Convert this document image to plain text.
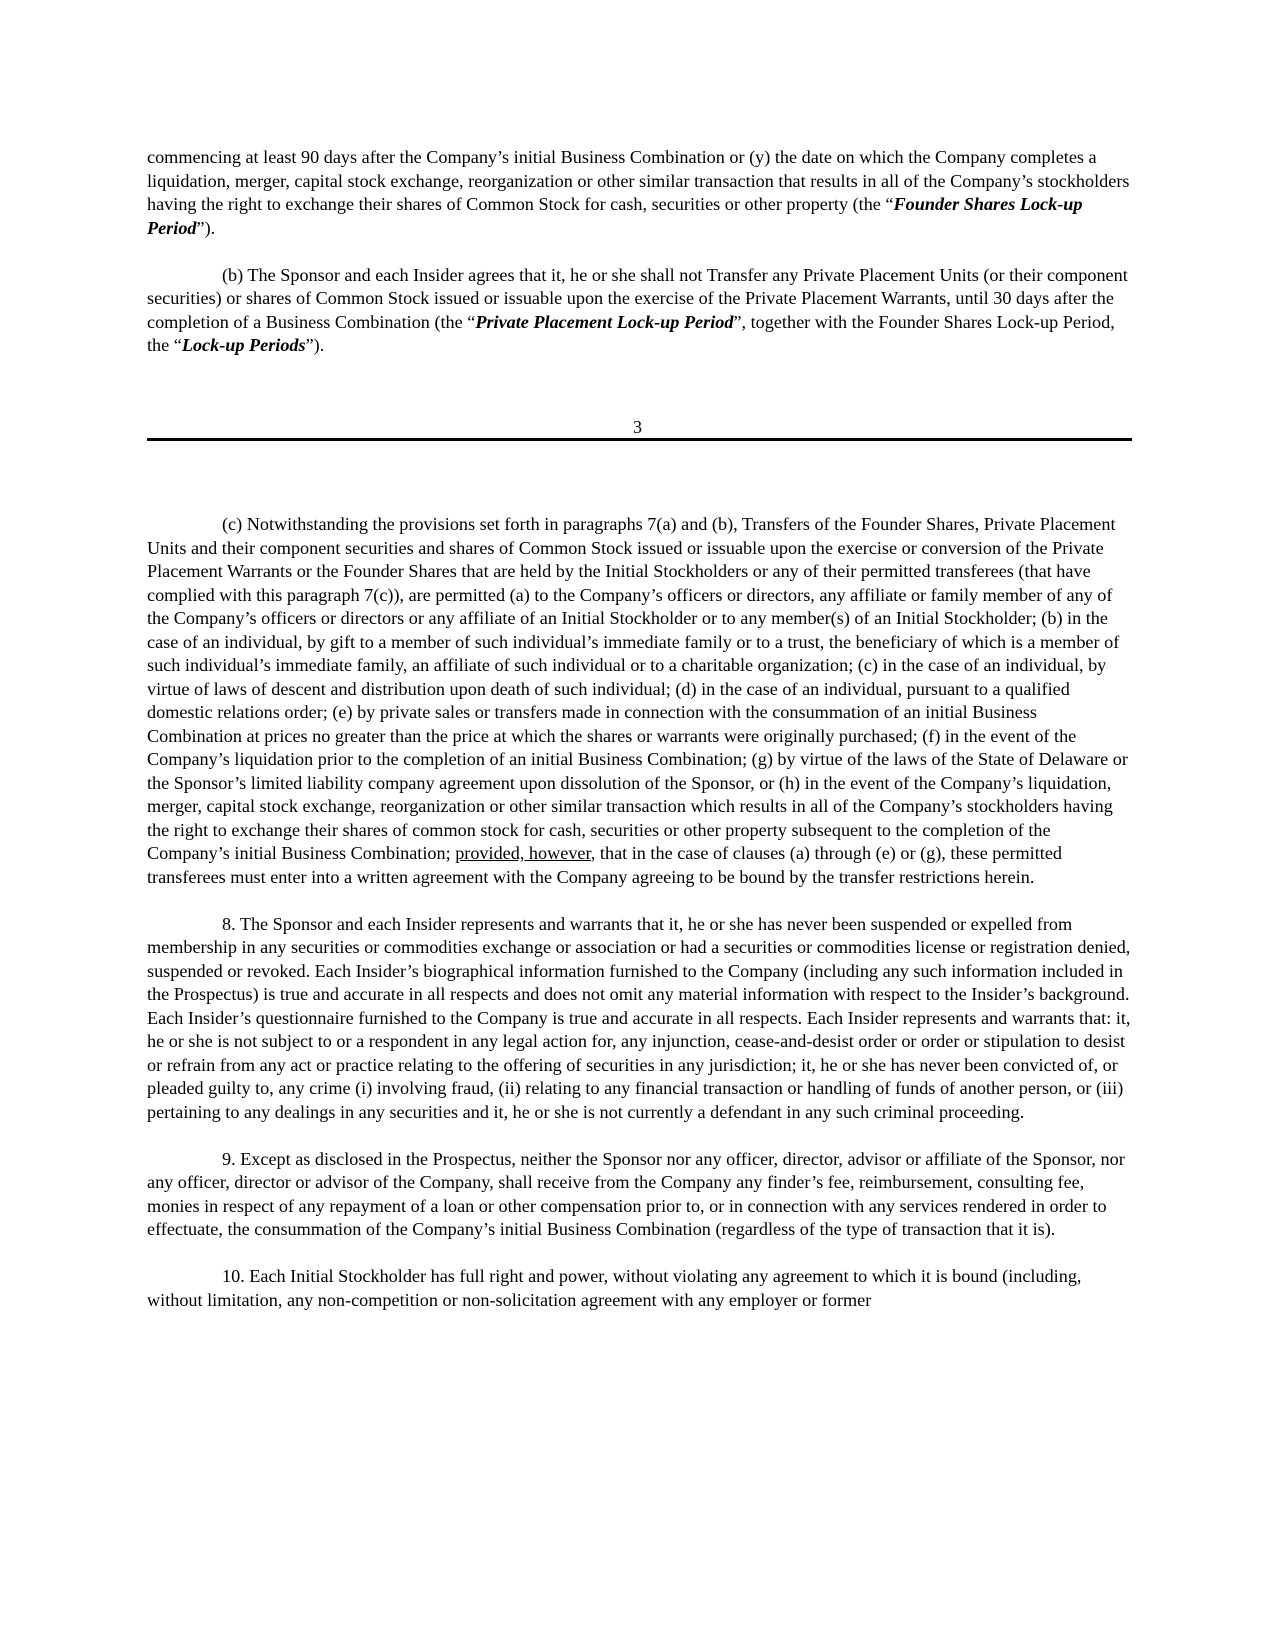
commencing at least 90 days after the Company’s initial Business Combination or (y) the date on which the Company completes a liquidation, merger, capital stock exchange, reorganization or other similar transaction that results in all of the Company’s stockholders having the right to exchange their shares of Common Stock for cash, securities or other property (the “Founder Shares Lock-up Period”).

(b) The Sponsor and each Insider agrees that it, he or she shall not Transfer any Private Placement Units (or their component securities) or shares of Common Stock issued or issuable upon the exercise of the Private Placement Warrants, until 30 days after the completion of a Business Combination (the “Private Placement Lock-up Period”, together with the Founder Shares Lock-up Period, the “Lock-up Periods”).

3

(c) Notwithstanding the provisions set forth in paragraphs 7(a) and (b), Transfers of the Founder Shares, Private Placement Units and their component securities and shares of Common Stock issued or issuable upon the exercise or conversion of the Private Placement Warrants or the Founder Shares that are held by the Initial Stockholders or any of their permitted transferees (that have complied with this paragraph 7(c)), are permitted (a) to the Company’s officers or directors, any affiliate or family member of any of the Company’s officers or directors or any affiliate of an Initial Stockholder or to any member(s) of an Initial Stockholder; (b) in the case of an individual, by gift to a member of such individual’s immediate family or to a trust, the beneficiary of which is a member of such individual’s immediate family, an affiliate of such individual or to a charitable organization; (c) in the case of an individual, by virtue of laws of descent and distribution upon death of such individual; (d) in the case of an individual, pursuant to a qualified domestic relations order; (e) by private sales or transfers made in connection with the consummation of an initial Business Combination at prices no greater than the price at which the shares or warrants were originally purchased; (f) in the event of the Company’s liquidation prior to the completion of an initial Business Combination; (g) by virtue of the laws of the State of Delaware or the Sponsor’s limited liability company agreement upon dissolution of the Sponsor, or (h) in the event of the Company’s liquidation, merger, capital stock exchange, reorganization or other similar transaction which results in all of the Company’s stockholders having the right to exchange their shares of common stock for cash, securities or other property subsequent to the completion of the Company’s initial Business Combination; provided, however, that in the case of clauses (a) through (e) or (g), these permitted transferees must enter into a written agreement with the Company agreeing to be bound by the transfer restrictions herein.

8. The Sponsor and each Insider represents and warrants that it, he or she has never been suspended or expelled from membership in any securities or commodities exchange or association or had a securities or commodities license or registration denied, suspended or revoked. Each Insider’s biographical information furnished to the Company (including any such information included in the Prospectus) is true and accurate in all respects and does not omit any material information with respect to the Insider’s background. Each Insider’s questionnaire furnished to the Company is true and accurate in all respects. Each Insider represents and warrants that: it, he or she is not subject to or a respondent in any legal action for, any injunction, cease-and-desist order or order or stipulation to desist or refrain from any act or practice relating to the offering of securities in any jurisdiction; it, he or she has never been convicted of, or pleaded guilty to, any crime (i) involving fraud, (ii) relating to any financial transaction or handling of funds of another person, or (iii) pertaining to any dealings in any securities and it, he or she is not currently a defendant in any such criminal proceeding.

9. Except as disclosed in the Prospectus, neither the Sponsor nor any officer, director, advisor or affiliate of the Sponsor, nor any officer, director or advisor of the Company, shall receive from the Company any finder’s fee, reimbursement, consulting fee, monies in respect of any repayment of a loan or other compensation prior to, or in connection with any services rendered in order to effectuate, the consummation of the Company’s initial Business Combination (regardless of the type of transaction that it is).

10. Each Initial Stockholder has full right and power, without violating any agreement to which it is bound (including, without limitation, any non-competition or non-solicitation agreement with any employer or former
